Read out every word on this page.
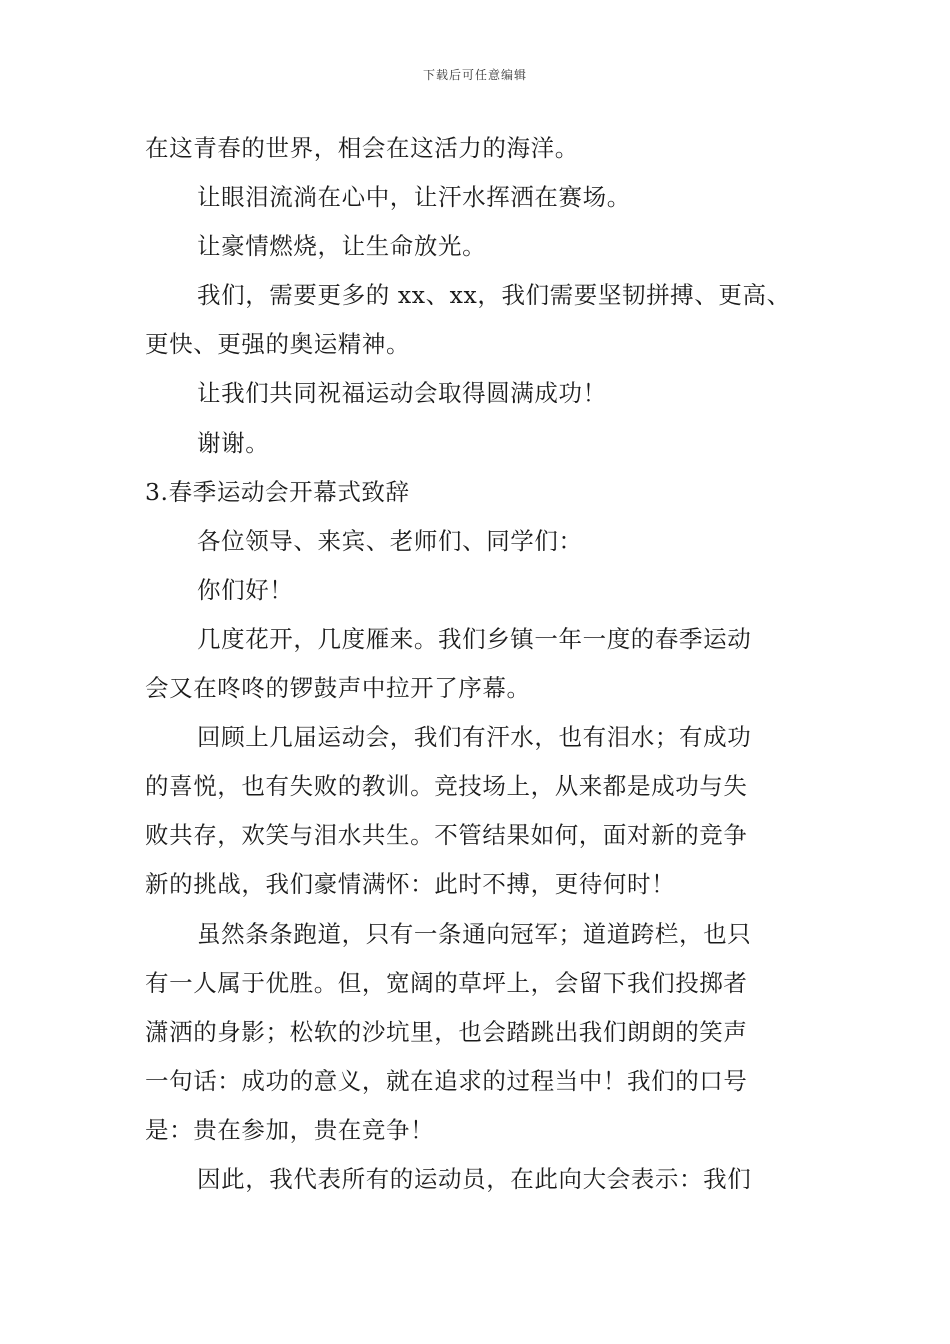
下载后可任意编辑
在这青春的世界，相会在这活力的海洋。
让眼泪流淌在心中，让汗水挥洒在赛场。
让豪情燃烧，让生命放光。
我们，需要更多的 xx、xx，我们需要坚韧拼搏、更高、
更快、更强的奥运精神。
让我们共同祝福运动会取得圆满成功！
谢谢。
3.春季运动会开幕式致辞
各位领导、来宾、老师们、同学们：
你们好！
几度花开，几度雁来。我们乡镇一年一度的春季运动
会又在咚咚的锣鼓声中拉开了序幕。
回顾上几届运动会，我们有汗水，也有泪水；有成功
的喜悦，也有失败的教训。竞技场上，从来都是成功与失
败共存，欢笑与泪水共生。不管结果如何，面对新的竞争
新的挑战，我们豪情满怀：此时不搏，更待何时！
虽然条条跑道，只有一条通向冠军；道道跨栏，也只
有一人属于优胜。但，宽阔的草坪上，会留下我们投掷者
潇洒的身影；松软的沙坑里，也会踏跳出我们朗朗的笑声
一句话：成功的意义，就在追求的过程当中！我们的口号
是：贵在参加，贵在竞争！
因此，我代表所有的运动员，在此向大会表示：我们
